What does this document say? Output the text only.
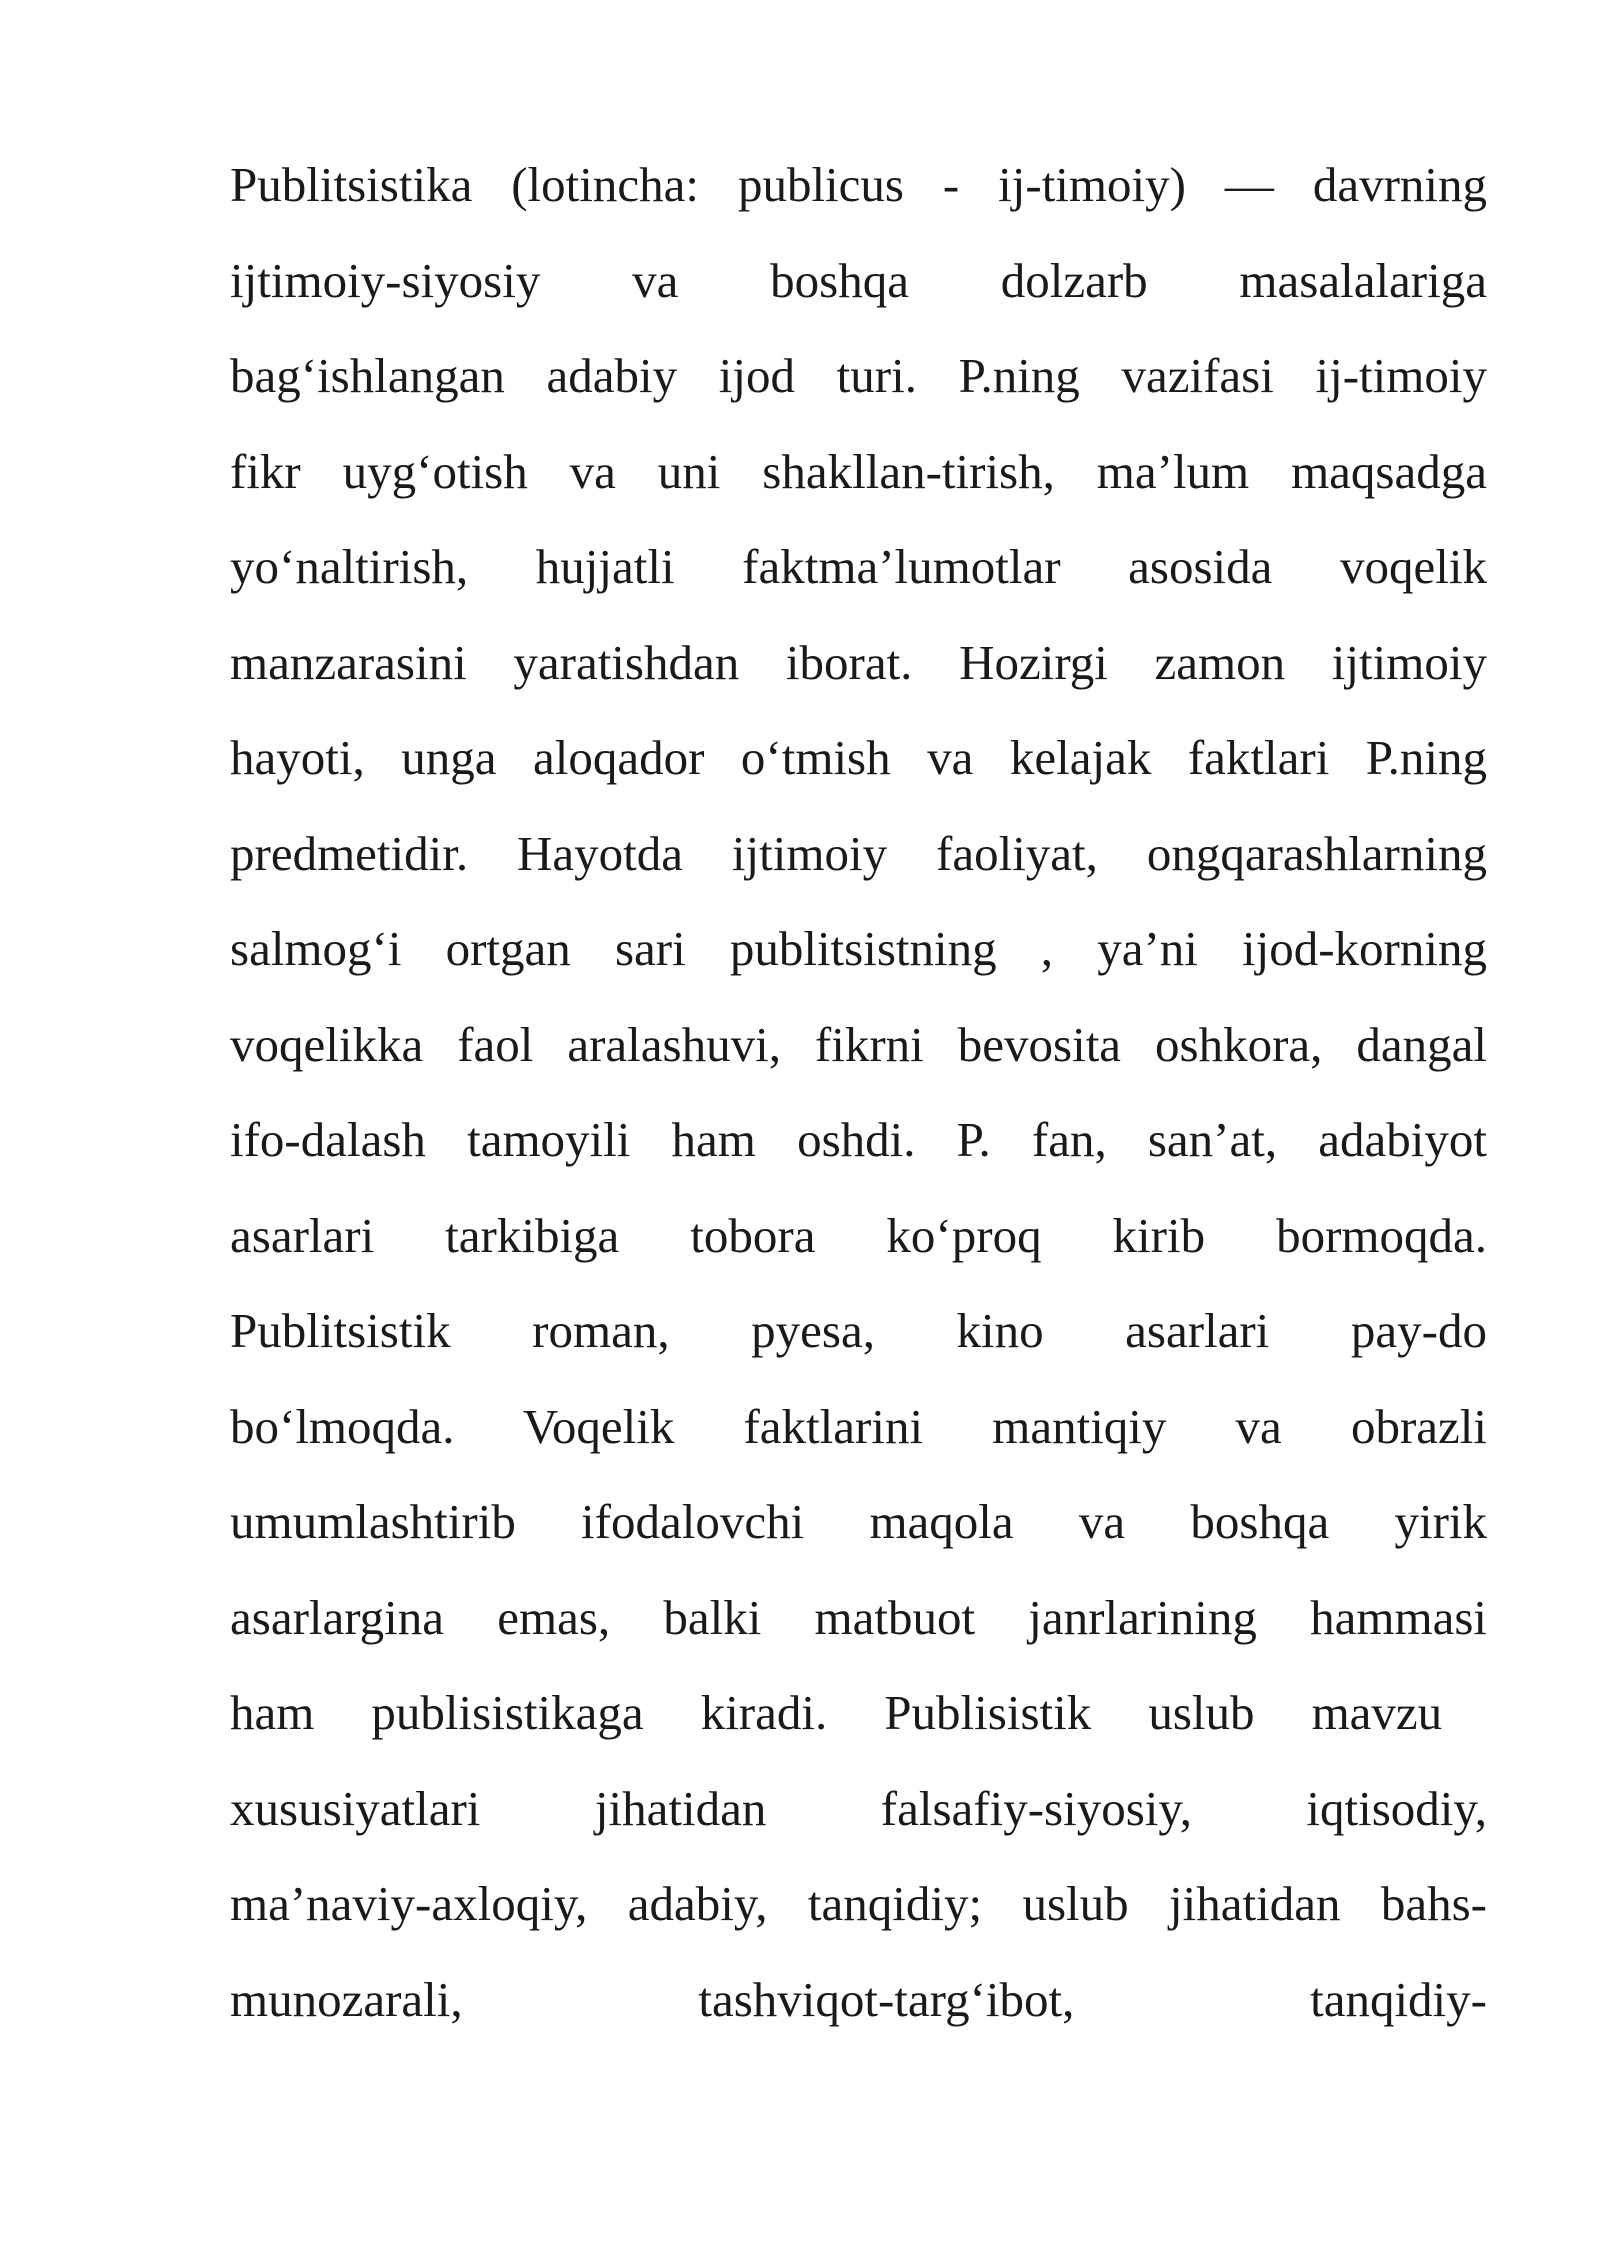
Publitsistika (lotincha: publicus - ij-timoiy) — davrning
ijtimoiy-siyosiy va boshqa dolzarb masalalariga
bag‘ishlangan adabiy ijod turi. P.ning vazifasi ij-timoiy
fikr uyg‘otish va uni shakllan-tirish, ma’lum maqsadga
yo‘naltirish, hujjatli faktma’lumotlar asosida voqelik
manzarasini yaratishdan iborat. Hozirgi zamon ijtimoiy
hayoti, unga aloqador o‘tmish va kelajak faktlari P.ning
predmetidir. Hayotda ijtimoiy faoliyat, ongqarashlarning
salmog‘i ortgan sari publitsistning , ya’ni ijod-korning
voqelikka faol aralashuvi, fikrni bevosita oshkora, dangal
ifo-dalash tamoyili ham oshdi. P. fan, san’at, adabiyot
asarlari tarkibiga tobora ko‘proq kirib bormoqda.
Publitsistik roman, pyesa, kino asarlari pay-do
bo‘lmoqda. Voqelik faktlarini mantiqiy va obrazli
umumlashtirib ifodalovchi maqola va boshqa yirik
asarlargina emas, balki matbuot janrlarining hammasi
ham publisistikaga kiradi. Publisistik uslub mavzu
xususiyatlari jihatidan falsafiy-siyosiy, iqtisodiy,
ma’naviy-axloqiy, adabiy, tanqidiy; uslub jihatidan bahs-
munozarali, tashviqot-targ‘ibot, tanqidiy-
